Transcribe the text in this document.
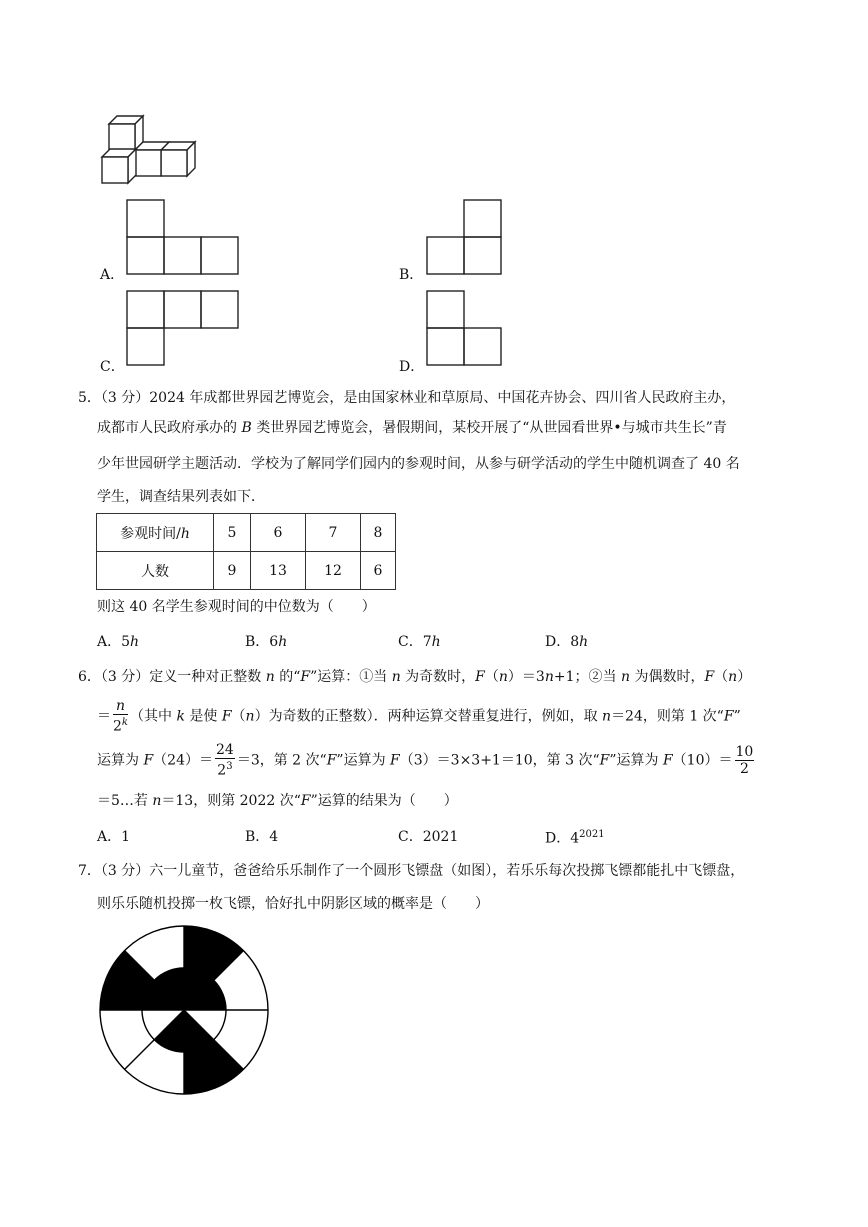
A．	B．
C．	D．
5．（3 分）2024 年成都世界园艺博览会，是由国家林业和草原局、中国花卉协会、四川省人民政府主办，
成都市人民政府承办的 B 类世界园艺博览会，暑假期间，某校开展了“从世园看世界•与城市共生长”青
少年世园研学主题活动．学校为了解同学们园内的参观时间，从参与研学活动的学生中随机调查了 40 名
学生，调查结果列表如下．
参观时间/h	5	6	7	8
人数	9	13	12	6
则这 40 名学生参观时间的中位数为（　　）
A．5h	B．6h	C．7h	D．8h
6．（3 分）定义一种对正整数 n 的“F”运算：①当 n 为奇数时，F（n）＝3n+1；②当 n 为偶数时，F（n）
＝ $\frac{n}{2^k}$ （其中 k 是使 F（n）为奇数的正整数）．两种运算交替重复进行，例如，取 n＝24，则第 1 次“F”
运算为 $F(24)= \frac{24}{2^3} =3$，第 2 次“F”运算为 F（3）＝3×3+1＝10，第 3 次“F”运算为 $F(10)= \frac{10}{2}$
＝5…若 n＝13，则第 2022 次“F”运算的结果为（　　）
A．1	B．4	C．2021	D．$4^{2021}$
7．（3 分）六一儿童节，爸爸给乐乐制作了一个圆形飞镖盘（如图），若乐乐每次投掷飞镖都能扎中飞镖盘，
则乐乐随机投掷一枚飞镖，恰好扎中阴影区域的概率是（　　）
